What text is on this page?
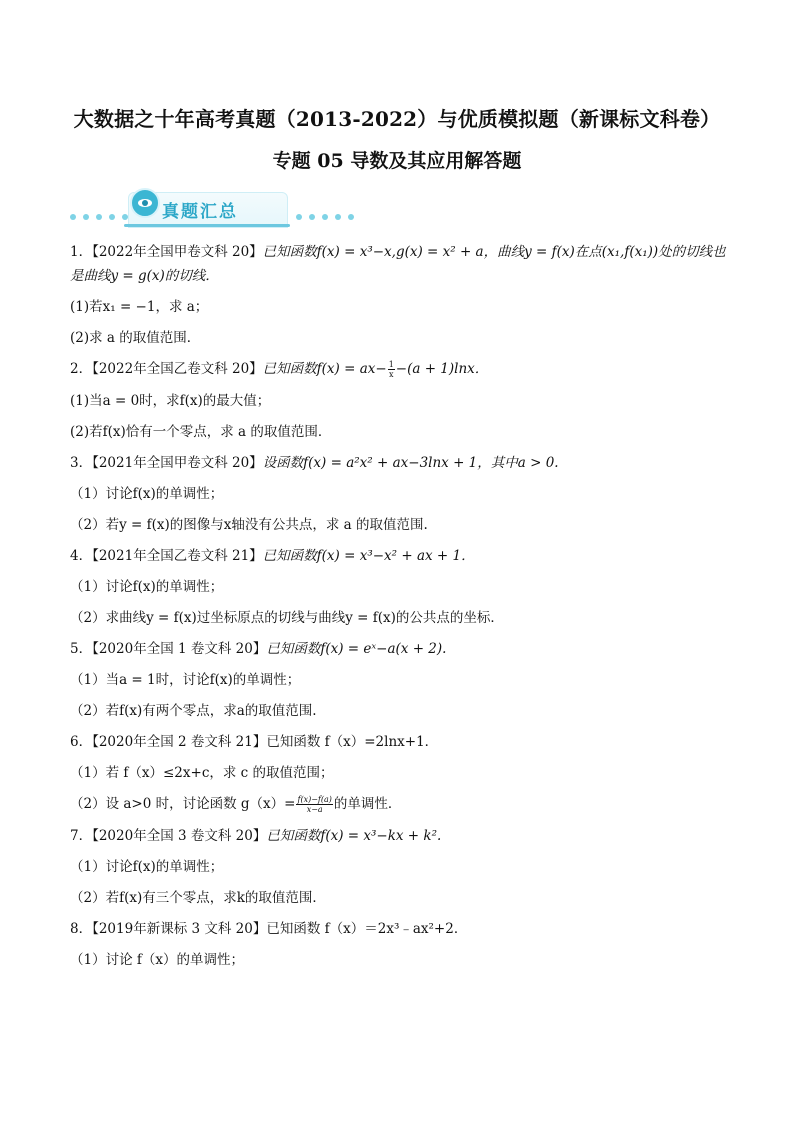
大数据之十年高考真题（2013-2022）与优质模拟题（新课标文科卷）
专题 05 导数及其应用解答题
真题汇总
1．【2022年全国甲卷文科 20】已知函数f(x) = x³−x,g(x) = x² + a，曲线y = f(x)在点(x₁,f(x₁))处的切线也
是曲线y = g(x)的切线．
(1)若x₁ = −1，求 a；
(2)求 a 的取值范围．
2．【2022年全国乙卷文科 20】已知函数$f(x) = ax- \frac{1}{x} -(a + 1)\ln x$．
(1)当a = 0时，求f(x)的最大值；
(2)若f(x)恰有一个零点，求 a 的取值范围．
3．【2021年全国甲卷文科 20】设函数f(x) = a²x² + ax−3lnx + 1，其中a > 0.
（1）讨论f(x)的单调性；
（2）若y = f(x)的图像与x轴没有公共点，求 a 的取值范围.
4．【2021年全国乙卷文科 21】已知函数f(x) = x³−x² + ax + 1．
（1）讨论f(x)的单调性；
（2）求曲线y = f(x)过坐标原点的切线与曲线y = f(x)的公共点的坐标．
5．【2020年全国 1 卷文科 20】已知函数f(x) = eˣ−a(x + 2).
（1）当a = 1时，讨论f(x)的单调性；
（2）若f(x)有两个零点，求a的取值范围.
6．【2020年全国 2 卷文科 21】已知函数 f（x）=2lnx+1．
（1）若 f（x）≤2x+c，求 c 的取值范围；
（2）设 a>0 时，讨论函数 $g(x)= \frac{f(x)-f(a)}{x-a}$ 的单调性．
7．【2020年全国 3 卷文科 20】已知函数f(x) = x³−kx + k².
（1）讨论f(x)的单调性；
（2）若f(x)有三个零点，求k的取值范围．
8．【2019年新课标 3 文科 20】已知函数 f（x）＝2x³﹣ax²+2．
（1）讨论 f（x）的单调性；
